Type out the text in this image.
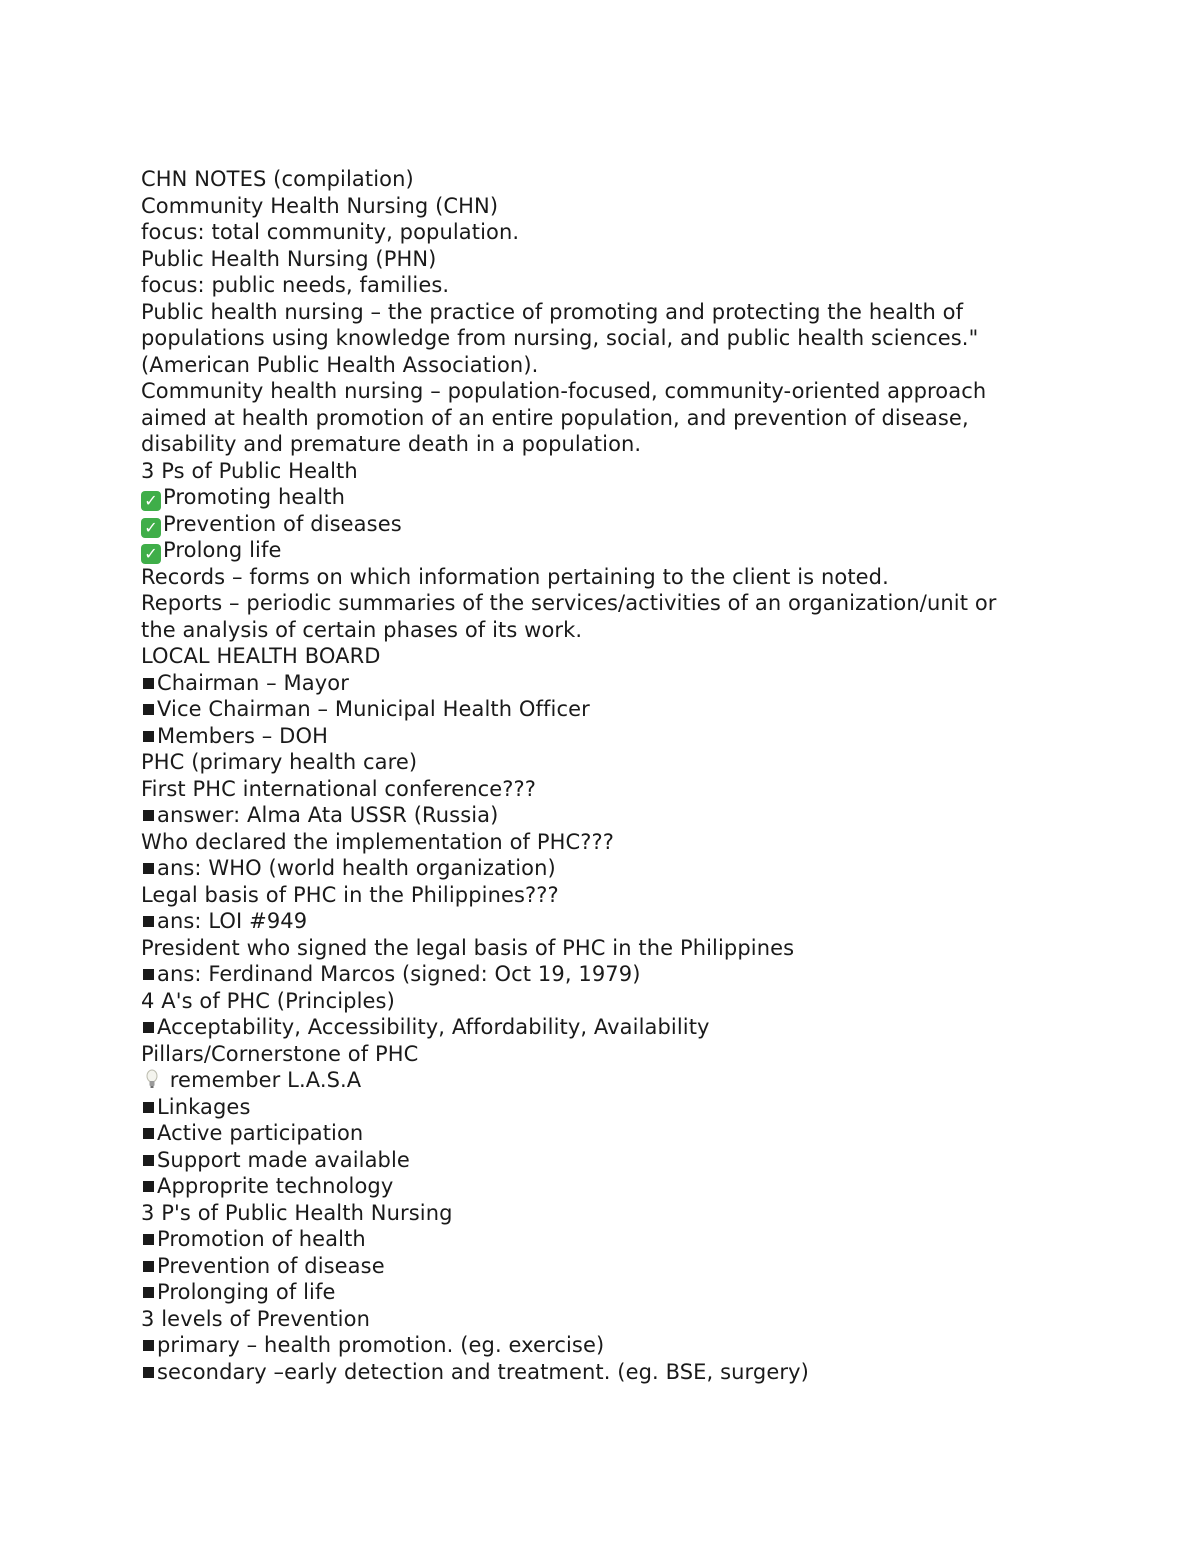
CHN NOTES (compilation)
Community Health Nursing (CHN)
focus: total community, population.
Public Health Nursing (PHN)
focus: public needs, families.
Public health nursing – the practice of promoting and protecting the health of
populations using knowledge from nursing, social, and public health sciences."
(American Public Health Association).
Community health nursing – population-focused, community-oriented approach
aimed at health promotion of an entire population, and prevention of disease,
disability and premature death in a population.
3 Ps of Public Health
✓ Promoting health
✓ Prevention of diseases
✓ Prolong life
Records – forms on which information pertaining to the client is noted.
Reports – periodic summaries of the services/activities of an organization/unit or
the analysis of certain phases of its work.
LOCAL HEALTH BOARD
Chairman – Mayor
Vice Chairman – Municipal Health Officer
Members – DOH
PHC (primary health care)
First PHC international conference???
answer: Alma Ata USSR (Russia)
Who declared the implementation of PHC???
ans: WHO (world health organization)
Legal basis of PHC in the Philippines???
ans: LOI #949
President who signed the legal basis of PHC in the Philippines
ans: Ferdinand Marcos (signed: Oct 19, 1979)
4 A's of PHC (Principles)
Acceptability, Accessibility, Affordability, Availability
Pillars/Cornerstone of PHC
remember L.A.S.A
Linkages
Active participation
Support made available
Approprite technology
3 P's of Public Health Nursing
Promotion of health
Prevention of disease
Prolonging of life
3 levels of Prevention
primary – health promotion. (eg. exercise)
secondary –early detection and treatment. (eg. BSE, surgery)
